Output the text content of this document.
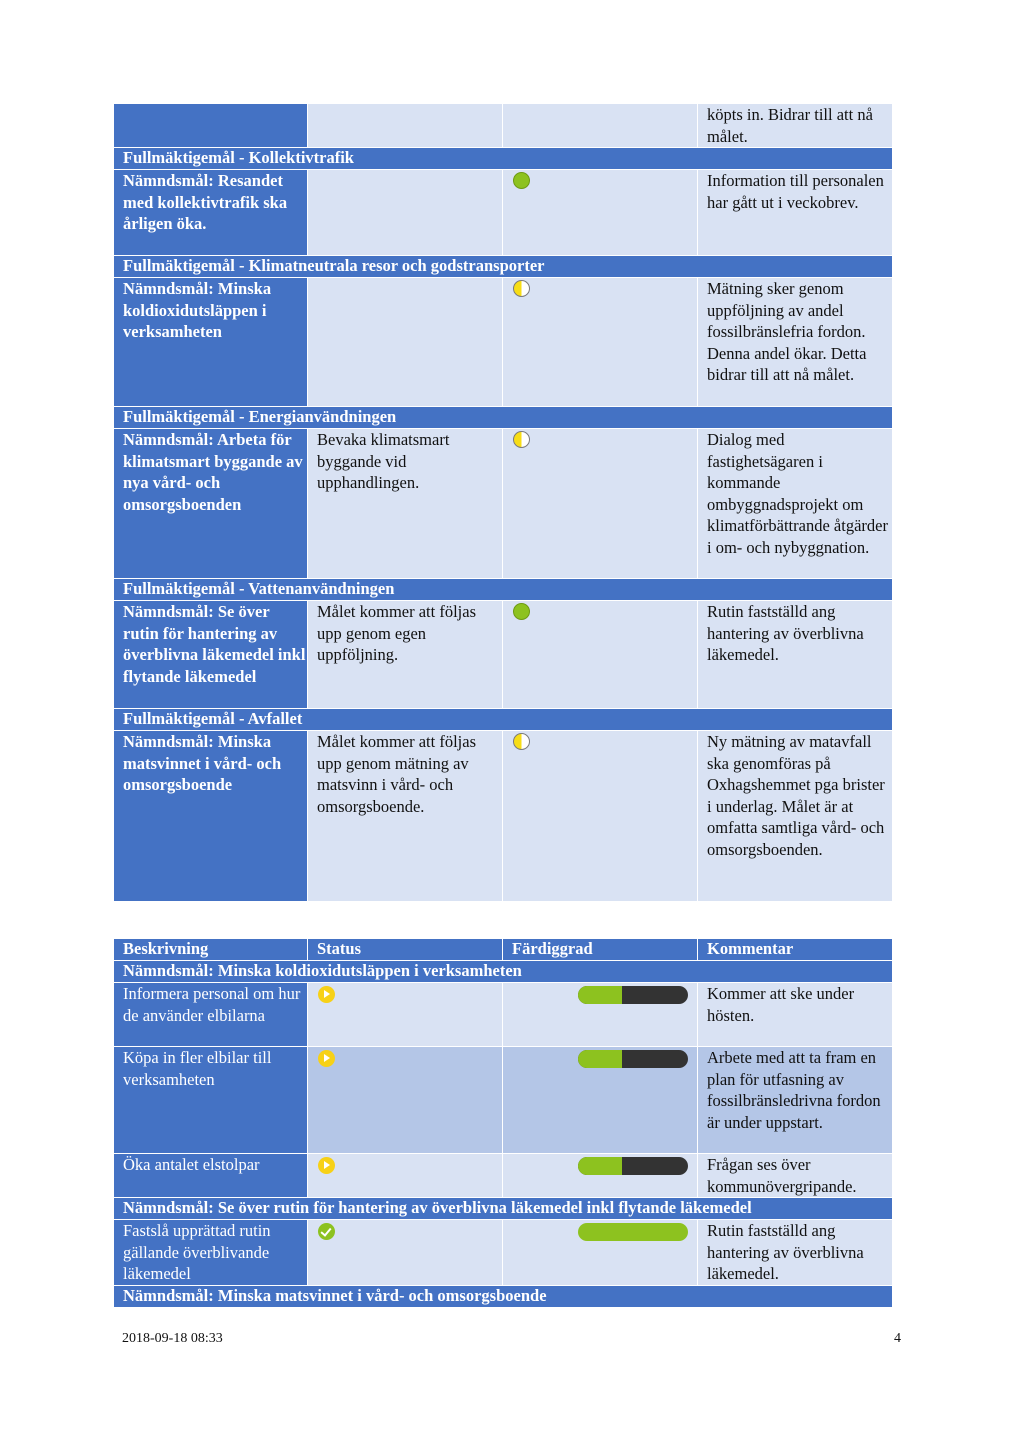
			köpts in. Bidrar till att nå målet.
Fullmäktigemål - Kollektivtrafik			
Nämndsmål: Resandet med kollektivtrafik ska årligen öka.			Information till personalen har gått ut i veckobrev.
Fullmäktigemål - Klimatneutrala resor och godstransporter			
Nämndsmål: Minska koldioxidutsläppen i verksamheten			Mätning sker genom uppföljning av andel fossilbränslefria fordon. Denna andel ökar. Detta bidrar till att nå målet.
Fullmäktigemål - Energianvändningen			
Nämndsmål: Arbeta för klimatsmart byggande av nya vård- och omsorgsboenden	Bevaka klimatsmart byggande vid upphandlingen.		Dialog med fastighetsägaren i kommande ombyggnadsprojekt om klimatförbättrande åtgärder i om- och nybyggnation.
Fullmäktigemål - Vattenanvändningen			
Nämndsmål: Se över rutin för hantering av överblivna läkemedel inkl flytande läkemedel	Målet kommer att följas upp genom egen uppföljning.		Rutin fastställd ang hantering av överblivna läkemedel.
Fullmäktigemål - Avfallet			
Nämndsmål: Minska matsvinnet i vård- och omsorgsboende	Målet kommer att följas upp genom mätning av matsvinn i vård- och omsorgsboende.		Ny mätning av matavfall ska genomföras på Oxhagshemmet pga brister i underlag. Målet är at omfatta samtliga vård- och omsorgsboenden.
Beskrivning	Status	Färdiggrad	Kommentar
Nämndsmål: Minska koldioxidutsläppen i verksamheten			
Informera personal om hur de använder elbilarna			Kommer att ske under hösten.
Köpa in fler elbilar till verksamheten			Arbete med att ta fram en plan för utfasning av fossilbränsledrivna fordon är under uppstart.
Öka antalet elstolpar			Frågan ses över kommunövergripande.
Nämndsmål: Se över rutin för hantering av överblivna läkemedel inkl flytande läkemedel			
Fastslå upprättad rutin gällande överblivande läkemedel			Rutin fastställd ang hantering av överblivna läkemedel.
Nämndsmål: Minska matsvinnet i vård- och omsorgsboende			
2018-09-18 08:33	4
